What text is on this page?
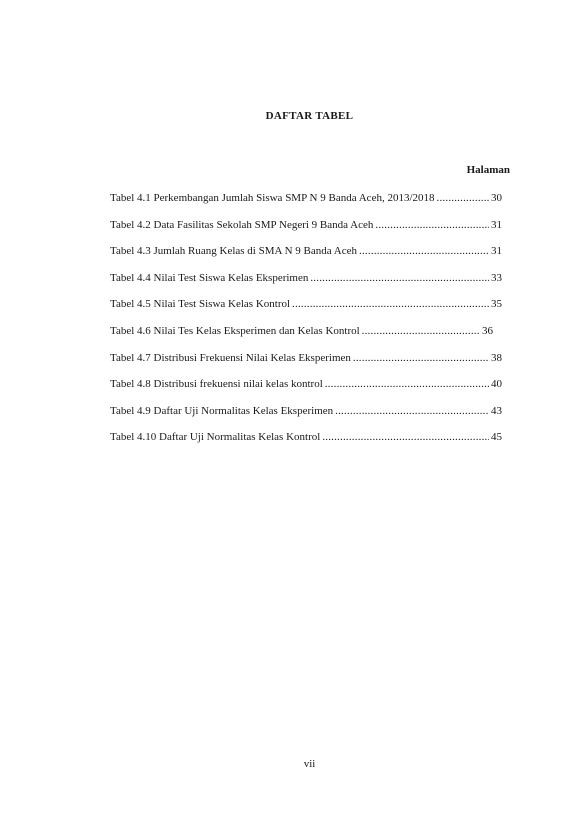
DAFTAR TABEL
Halaman
Tabel 4.1 Perkembangan Jumlah Siswa SMP N 9 Banda Aceh, 2013/2018 .....	30
Tabel 4.2 Data Fasilitas Sekolah SMP Negeri 9 Banda Aceh .....	31
Tabel 4.3 Jumlah Ruang Kelas di SMA N 9 Banda Aceh .....	31
Tabel 4.4 Nilai Test Siswa Kelas Eksperimen .....	33
Tabel 4.5 Nilai Test Siswa Kelas Kontrol .....	35
Tabel 4.6 Nilai Tes Kelas Eksperimen dan Kelas Kontrol .....	36
Tabel 4.7 Distribusi Frekuensi Nilai Kelas Eksperimen .....	38
Tabel 4.8 Distribusi frekuensi nilai kelas kontrol .....	40
Tabel 4.9 Daftar Uji Normalitas Kelas Eksperimen .....	43
Tabel 4.10 Daftar Uji Normalitas Kelas Kontrol .....	45
vii
